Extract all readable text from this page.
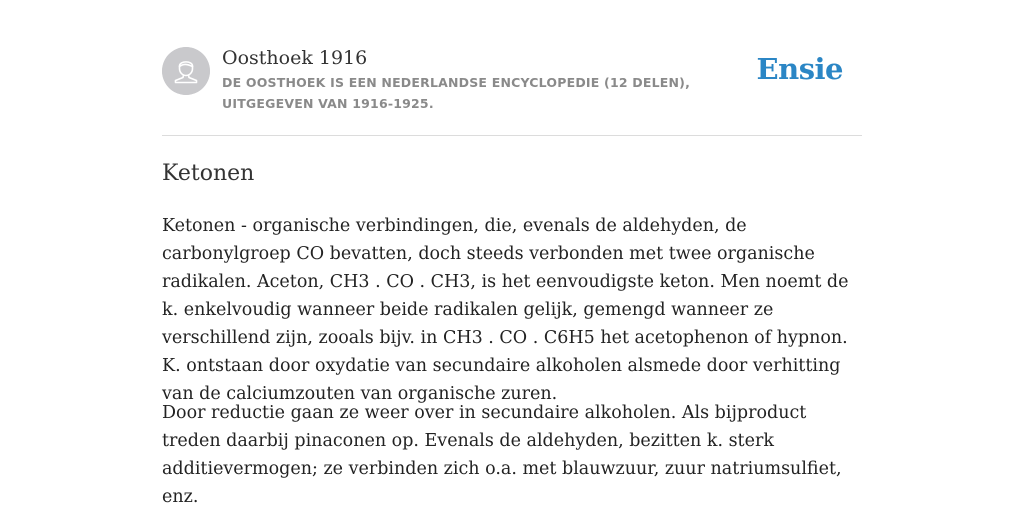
Oosthoek 1916
DE OOSTHOEK IS EEN NEDERLANDSE ENCYCLOPEDIE (12 DELEN), UITGEGEVEN VAN 1916-1925.
Ensie
Ketonen

Ketonen - organische verbindingen, die, evenals de aldehyden, de carbonylgroep CO bevatten, doch steeds verbonden met twee organische radikalen. Aceton, CH3 . CO . CH3, is het eenvoudigste keton. Men noemt de k. enkelvoudig wanneer beide radikalen gelijk, gemengd wanneer ze verschillend zijn, zooals bijv. in CH3 . CO . C6H5 het acetophenon of hypnon. K. ontstaan door oxydatie van secundaire alkoholen alsmede door verhitting van de calciumzouten van organische zuren.

Door reductie gaan ze weer over in secundaire alkoholen. Als bijproduct treden daarbij pinaconen op. Evenals de aldehyden, bezitten k. sterk additievermogen; ze verbinden zich o.a. met blauwzuur, zuur natriumsulfiet, enz.
